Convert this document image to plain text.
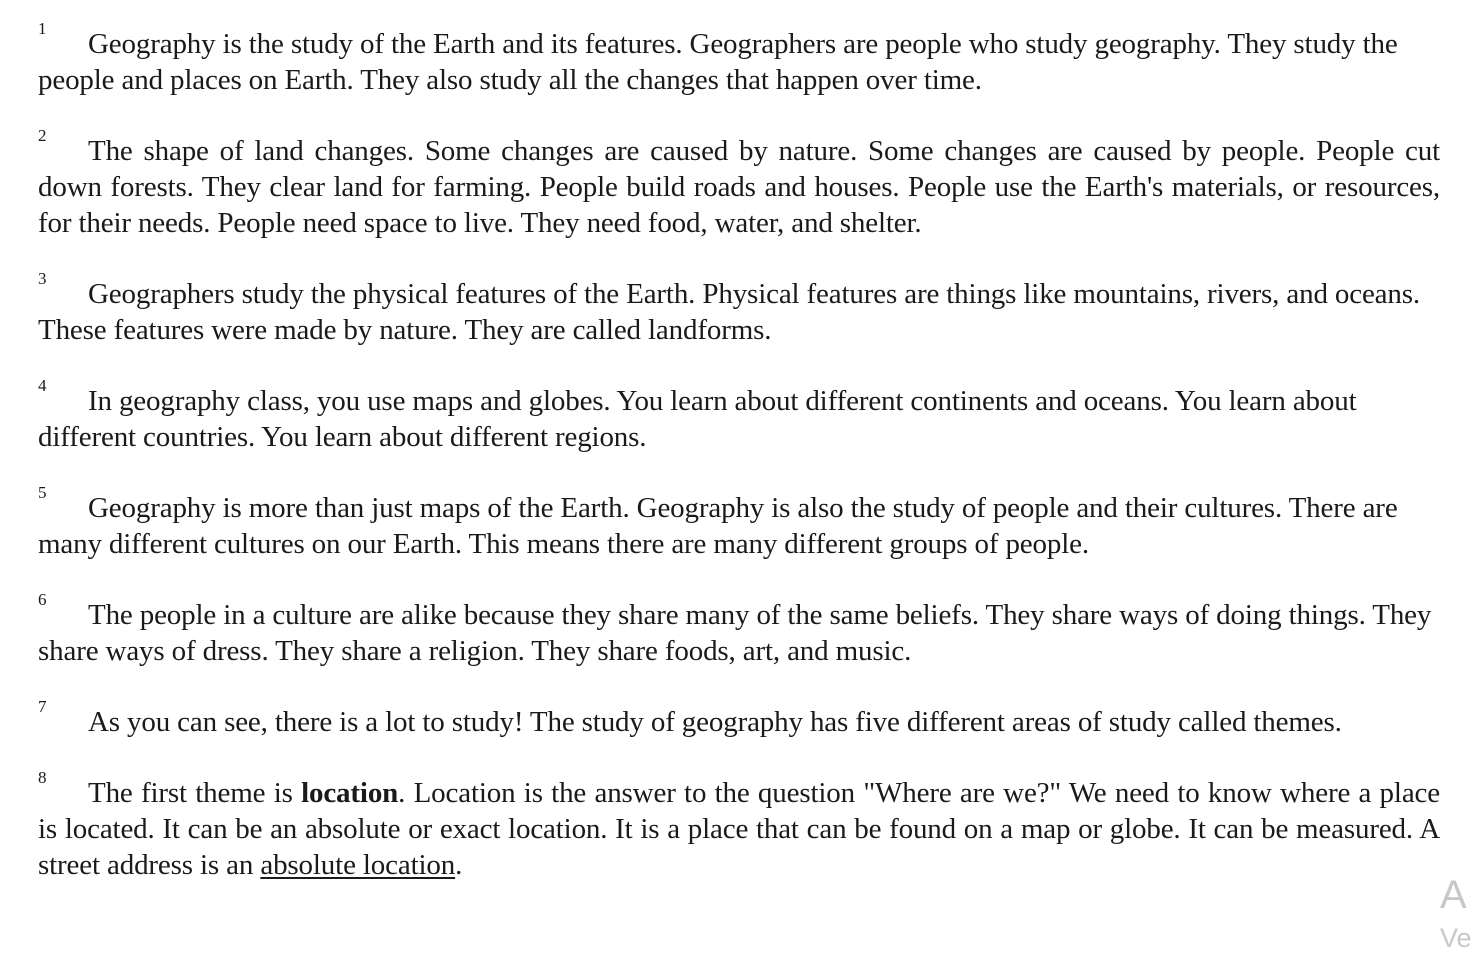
1 Geography is the study of the Earth and its features. Geographers are people who study geography. They study the people and places on Earth. They also study all the changes that happen over time.

2 The shape of land changes. Some changes are caused by nature. Some changes are caused by people. People cut down forests. They clear land for farming. People build roads and houses. People use the Earth's materials, or resources, for their needs. People need space to live. They need food, water, and shelter.

3 Geographers study the physical features of the Earth. Physical features are things like mountains, rivers, and oceans. These features were made by nature. They are called landforms.

4 In geography class, you use maps and globes. You learn about different continents and oceans. You learn about different countries. You learn about different regions.

5 Geography is more than just maps of the Earth. Geography is also the study of people and their cultures. There are many different cultures on our Earth. This means there are many different groups of people.

6 The people in a culture are alike because they share many of the same beliefs. They share ways of doing things. They share ways of dress. They share a religion. They share foods, art, and music.

7 As you can see, there is a lot to study! The study of geography has five different areas of study called themes.

8 The first theme is location. Location is the answer to the question "Where are we?" We need to know where a place is located. It can be an absolute or exact location. It is a place that can be found on a map or globe. It can be measured. A street address is an absolute location.

A
Ve
